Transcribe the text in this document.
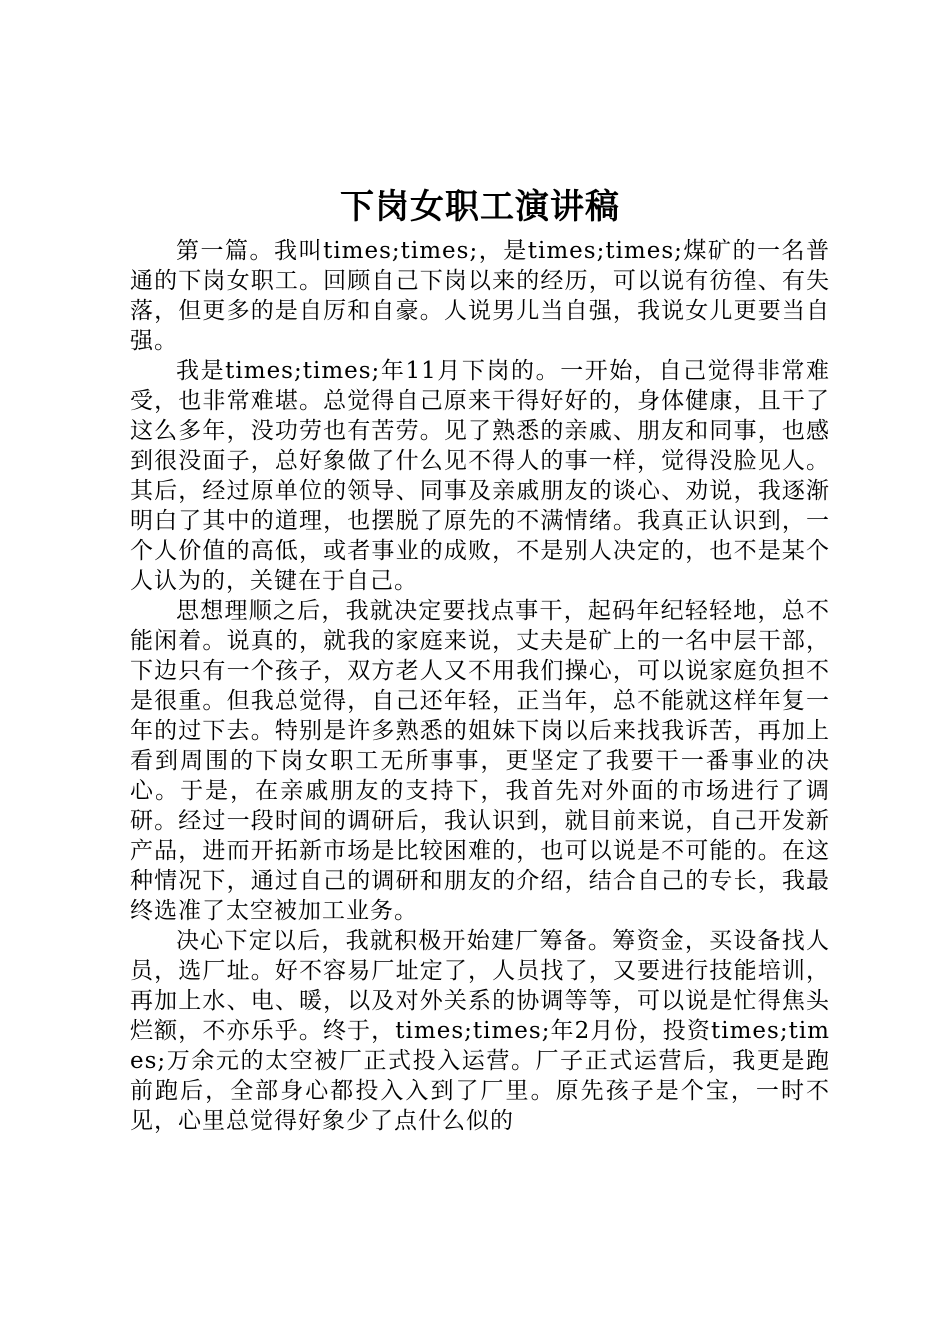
下岗女职工演讲稿

第一篇。我叫times;times;，是times;times;煤矿的一名普通的下岗女职工。回顾自己下岗以来的经历，可以说有彷徨、有失落，但更多的是自厉和自豪。人说男儿当自强，我说女儿更要当自强。

我是times;times;年11月下岗的。一开始，自己觉得非常难受，也非常难堪。总觉得自己原来干得好好的，身体健康，且干了这么多年，没功劳也有苦劳。见了熟悉的亲戚、朋友和同事，也感到很没面子，总好象做了什么见不得人的事一样，觉得没脸见人。其后，经过原单位的领导、同事及亲戚朋友的谈心、劝说，我逐渐明白了其中的道理，也摆脱了原先的不满情绪。我真正认识到，一个人价值的高低，或者事业的成败，不是别人决定的，也不是某个人认为的，关键在于自己。

思想理顺之后，我就决定要找点事干，起码年纪轻轻地，总不能闲着。说真的，就我的家庭来说，丈夫是矿上的一名中层干部，下边只有一个孩子，双方老人又不用我们操心，可以说家庭负担不是很重。但我总觉得，自己还年轻，正当年，总不能就这样年复一年的过下去。特别是许多熟悉的姐妹下岗以后来找我诉苦，再加上看到周围的下岗女职工无所事事，更坚定了我要干一番事业的决心。于是，在亲戚朋友的支持下，我首先对外面的市场进行了调研。经过一段时间的调研后，我认识到，就目前来说，自己开发新产品，进而开拓新市场是比较困难的，也可以说是不可能的。在这种情况下，通过自己的调研和朋友的介绍，结合自己的专长，我最终选准了太空被加工业务。

决心下定以后，我就积极开始建厂筹备。筹资金，买设备找人员，选厂址。好不容易厂址定了，人员找了，又要进行技能培训，再加上水、电、暖，以及对外关系的协调等等，可以说是忙得焦头烂额，不亦乐乎。终于，times;times;年2月份，投资times;times;万余元的太空被厂正式投入运营。厂子正式运营后，我更是跑前跑后，全部身心都投入入到了厂里。原先孩子是个宝，一时不见，心里总觉得好象少了点什么似的
